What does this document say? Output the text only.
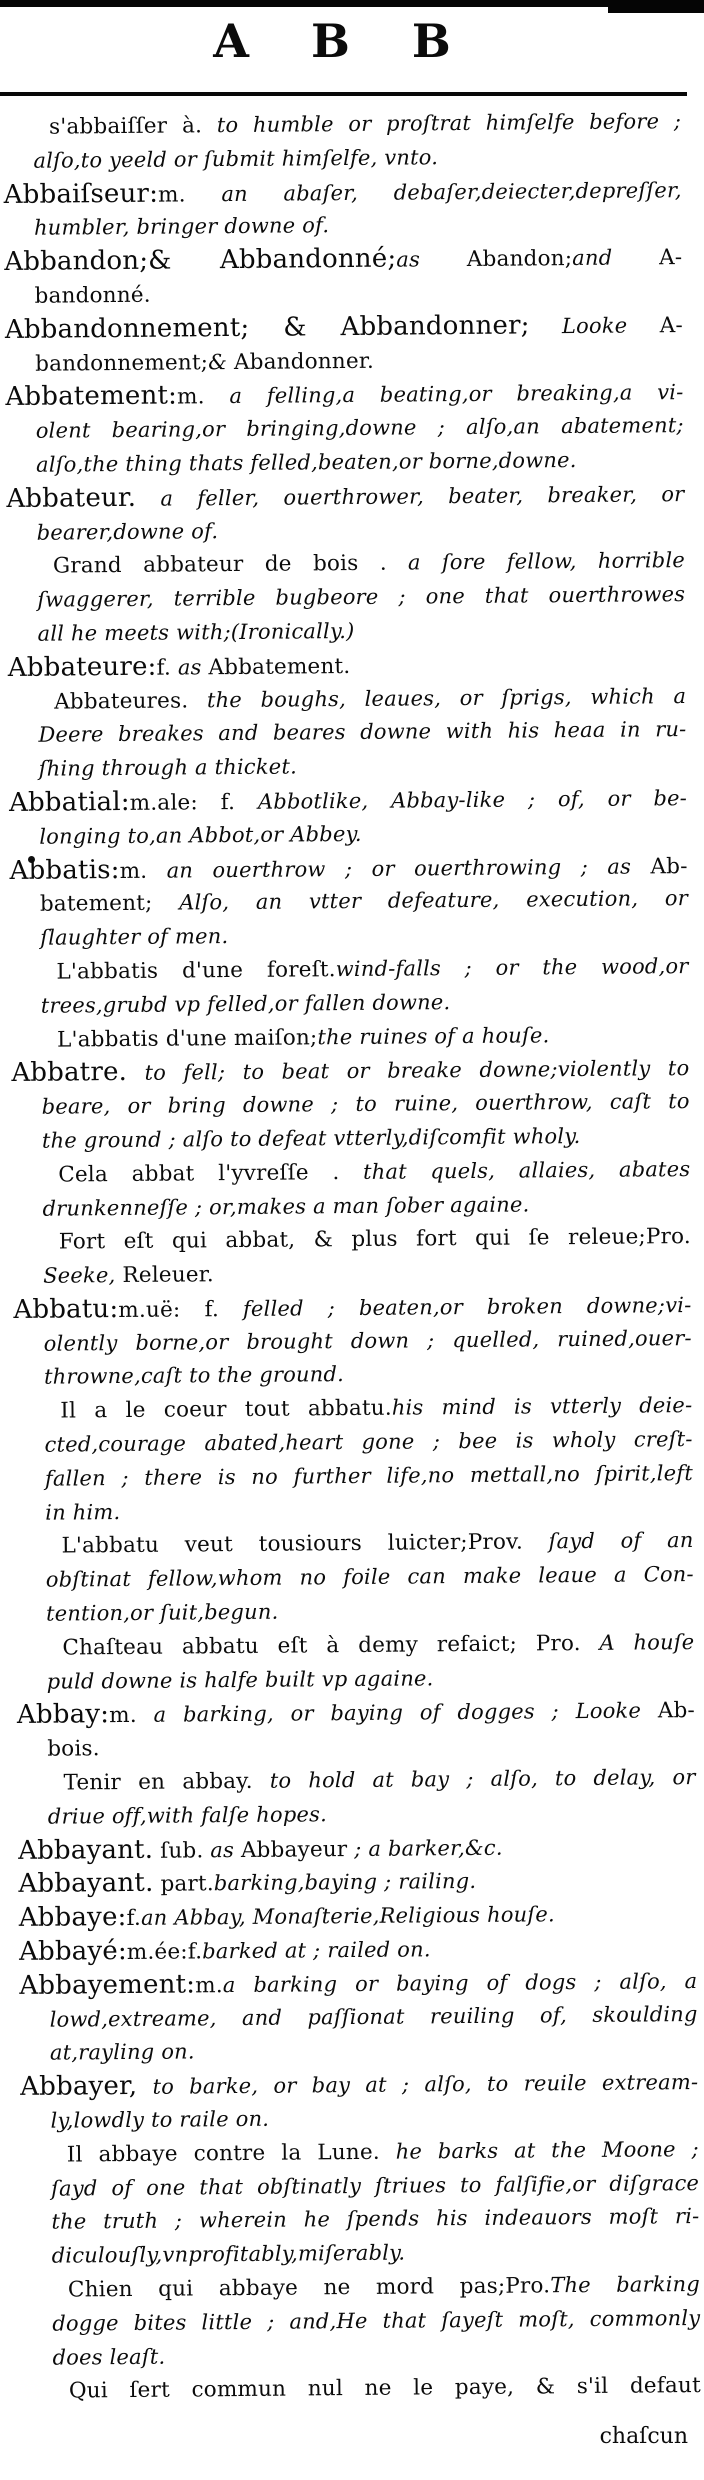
A B B
s'abbaiſſer à. to humble or proſtrat himſelfe before ;
alſo,to yeeld or ſubmit himſelfe, vnto.
Abbaiſseur:m. an abaſer, debaſer,deiecter,depreſſer,
humbler, bringer downe of.
Abbandon;& Abbandonné;as Abandon;and A-
bandonné.
Abbandonnement; & Abbandonner; Looke A-
bandonnement;& Abandonner.
Abbatement:m. a felling,a beating,or breaking,a vi-
olent bearing,or bringing,downe ; alſo,an abatement;
alſo,the thing thats felled,beaten,or borne,downe.
Abbateur. a feller, ouerthrower, beater, breaker, or
bearer,downe of.
Grand abbateur de bois . a ſore fellow, horrible
ſwaggerer, terrible bugbeore ; one that ouerthrowes
all he meets with;(Ironically.)
Abbateure:f. as Abbatement.
Abbateures. the boughs, leaues, or ſprigs, which a
Deere breakes and beares downe with his heaa in ru-
ſhing through a thicket.
Abbatial:m.ale: f. Abbotlike, Abbay-like ; of, or be-
longing to,an Abbot,or Abbey.
Abbatis:m. an ouerthrow ; or ouerthrowing ; as Ab-
batement; Alſo, an vtter defeature, execution, or
ſlaughter of men.
L'abbatis d'une foreſt.wind-falls ; or the wood,or
trees,grubd vp felled,or fallen downe.
L'abbatis d'une maiſon;the ruines of a houſe.
Abbatre. to fell; to beat or breake downe;violently to
beare, or bring downe ; to ruine, ouerthrow, caſt to
the ground ; alſo to defeat vtterly,diſcomfit wholy.
Cela abbat l'yvreſſe . that quels, allaies, abates
drunkenneſſe ; or,makes a man ſober againe.
Fort eſt qui abbat, & plus fort qui ſe releue;Pro.
Seeke, Releuer.
Abbatu:m.uë: f. felled ; beaten,or broken downe;vi-
olently borne,or brought down ; quelled, ruined,ouer-
throwne,caſt to the ground.
Il a le coeur tout abbatu.his mind is vtterly deie-
cted,courage abated,heart gone ; bee is wholy creſt-
fallen ; there is no further life,no mettall,no ſpirit,left
in him.
L'abbatu veut tousiours luicter;Prov. ſayd of an
obſtinat fellow,whom no foile can make leaue a Con-
tention,or ſuit,begun.
Chaſteau abbatu eſt à demy refaict; Pro. A houſe
puld downe is halfe built vp againe.
Abbay:m. a barking, or baying of dogges ; Looke Ab-
bois.
Tenir en abbay. to hold at bay ; alſo, to delay, or
driue off,with falſe hopes.
Abbayant. ſub. as Abbayeur ; a barker,&c.
Abbayant. part.barking,baying ; railing.
Abbaye:f.an Abbay, Monaſterie,Religious houſe.
Abbayé:m.ée:f.barked at ; railed on.
Abbayement:m.a barking or baying of dogs ; alſo, a
lowd,extreame, and paſſionat reuiling of, skoulding
at,rayling on.
Abbayer, to barke, or bay at ; alſo, to reuile extream-
ly,lowdly to raile on.
Il abbaye contre la Lune. he barks at the Moone ;
ſayd of one that obſtinatly ſtriues to falſifie,or diſgrace
the truth ; wherein he ſpends his indeauors moſt ri-
diculouſly,vnprofitably,miſerably.
Chien qui abbaye ne mord pas;Pro.The barking
dogge bites little ; and,He that ſayeſt moſt, commonly
does leaſt.
Qui ſert commun nul ne le paye, & s'il defaut
chaſcun
